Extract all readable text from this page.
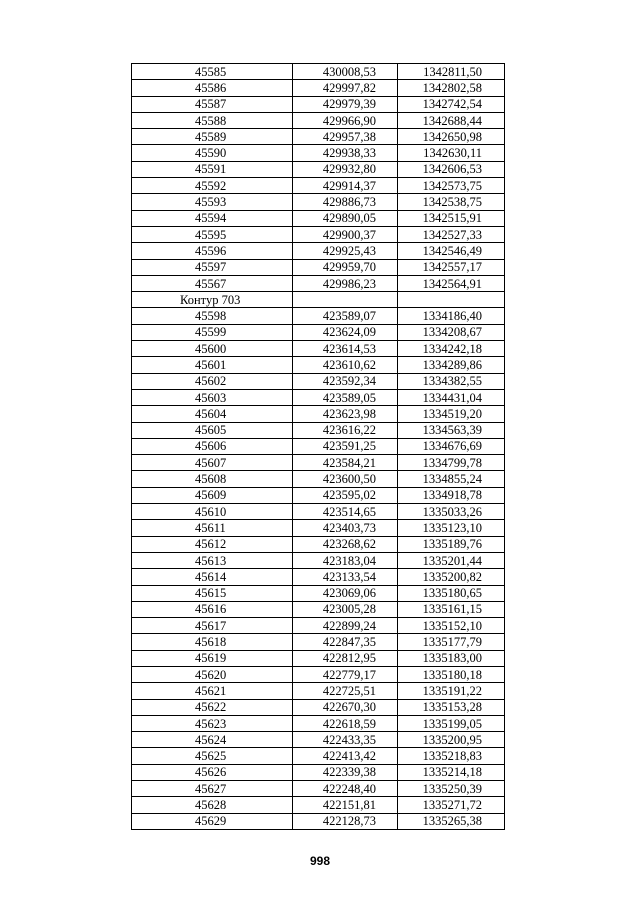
45585	430008,53	1342811,50
45586	429997,82	1342802,58
45587	429979,39	1342742,54
45588	429966,90	1342688,44
45589	429957,38	1342650,98
45590	429938,33	1342630,11
45591	429932,80	1342606,53
45592	429914,37	1342573,75
45593	429886,73	1342538,75
45594	429890,05	1342515,91
45595	429900,37	1342527,33
45596	429925,43	1342546,49
45597	429959,70	1342557,17
45567	429986,23	1342564,91
Контур 703		
45598	423589,07	1334186,40
45599	423624,09	1334208,67
45600	423614,53	1334242,18
45601	423610,62	1334289,86
45602	423592,34	1334382,55
45603	423589,05	1334431,04
45604	423623,98	1334519,20
45605	423616,22	1334563,39
45606	423591,25	1334676,69
45607	423584,21	1334799,78
45608	423600,50	1334855,24
45609	423595,02	1334918,78
45610	423514,65	1335033,26
45611	423403,73	1335123,10
45612	423268,62	1335189,76
45613	423183,04	1335201,44
45614	423133,54	1335200,82
45615	423069,06	1335180,65
45616	423005,28	1335161,15
45617	422899,24	1335152,10
45618	422847,35	1335177,79
45619	422812,95	1335183,00
45620	422779,17	1335180,18
45621	422725,51	1335191,22
45622	422670,30	1335153,28
45623	422618,59	1335199,05
45624	422433,35	1335200,95
45625	422413,42	1335218,83
45626	422339,38	1335214,18
45627	422248,40	1335250,39
45628	422151,81	1335271,72
45629	422128,73	1335265,38
998
